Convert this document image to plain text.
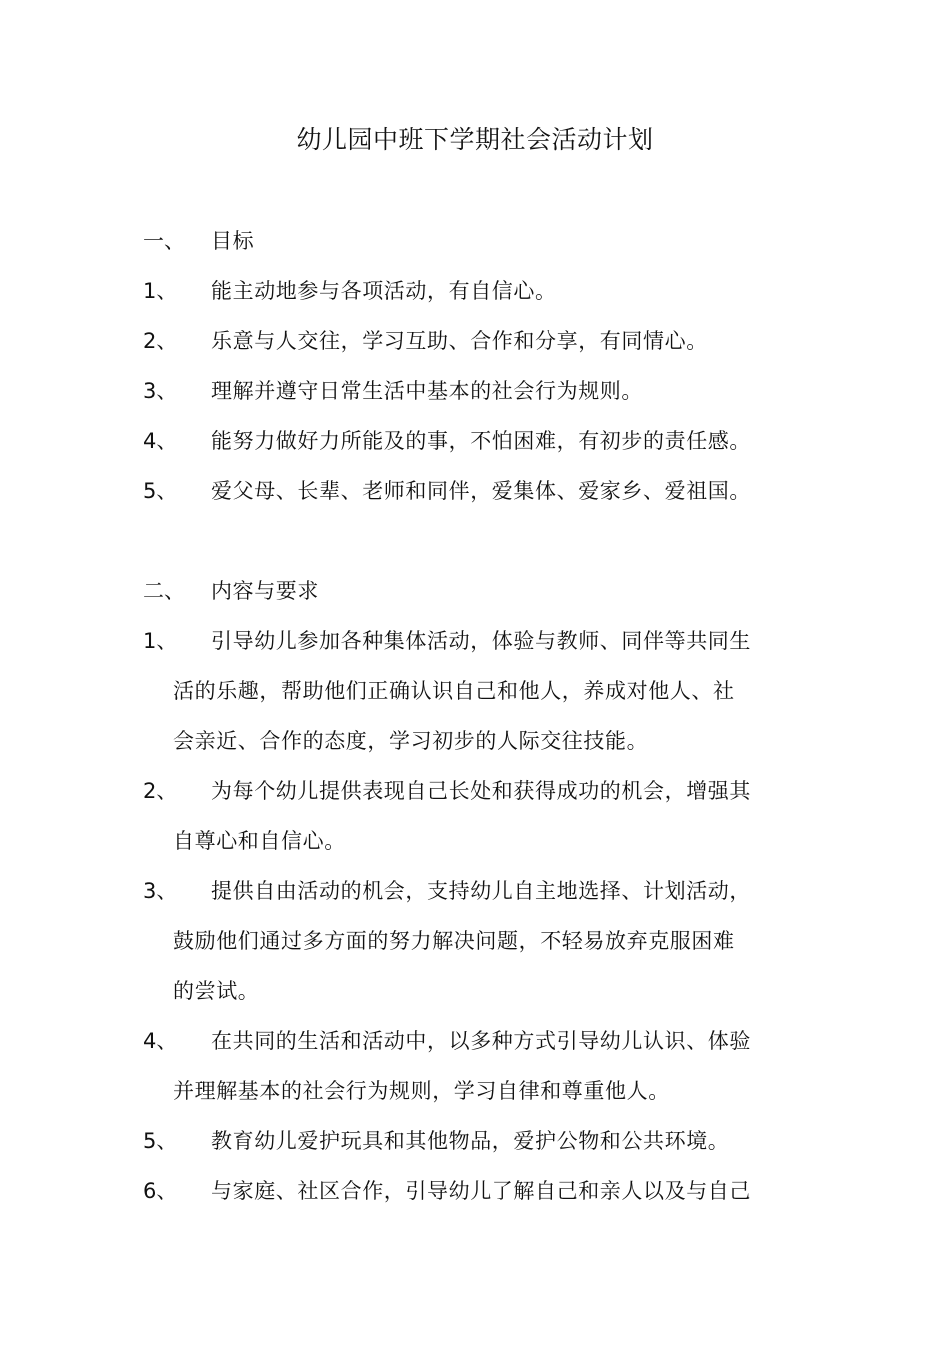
幼儿园中班下学期社会活动计划
一、 目标
1、 能主动地参与各项活动，有自信心。
2、 乐意与人交往，学习互助、合作和分享，有同情心。
3、 理解并遵守日常生活中基本的社会行为规则。
4、 能努力做好力所能及的事，不怕困难，有初步的责任感。
5、 爱父母、长辈、老师和同伴，爱集体、爱家乡、爱祖国。
二、 内容与要求
1、 引导幼儿参加各种集体活动，体验与教师、同伴等共同生
活的乐趣，帮助他们正确认识自己和他人，养成对他人、社
会亲近、合作的态度，学习初步的人际交往技能。
2、 为每个幼儿提供表现自己长处和获得成功的机会，增强其
自尊心和自信心。
3、 提供自由活动的机会，支持幼儿自主地选择、计划活动，
鼓励他们通过多方面的努力解决问题，不轻易放弃克服困难
的尝试。
4、 在共同的生活和活动中，以多种方式引导幼儿认识、体验
并理解基本的社会行为规则，学习自律和尊重他人。
5、 教育幼儿爱护玩具和其他物品，爱护公物和公共环境。
6、 与家庭、社区合作，引导幼儿了解自己和亲人以及与自己
